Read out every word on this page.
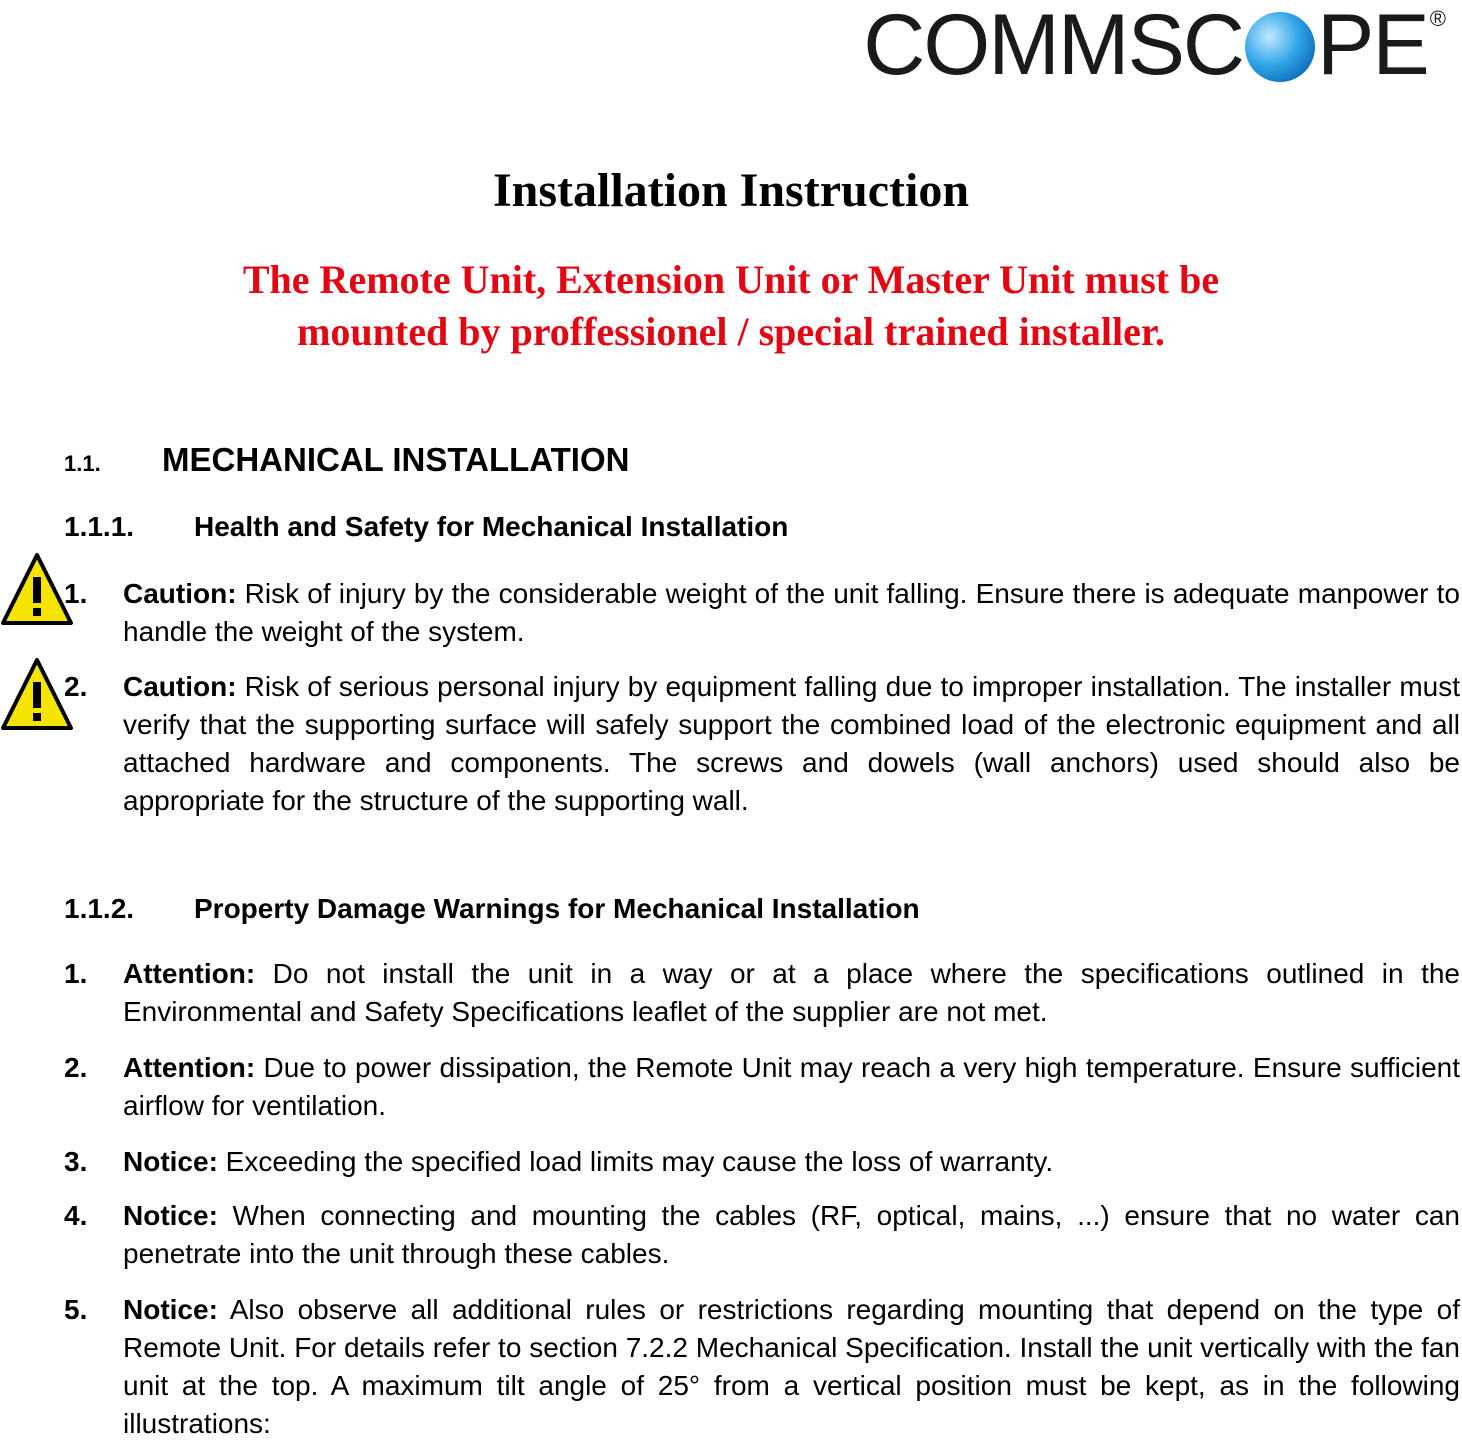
COMMSC PE ®
Installation Instruction
The Remote Unit, Extension Unit or Master Unit must be
mounted by proffessionel / special trained installer.
1.1. MECHANICAL INSTALLATION
1.1.1. Health and Safety for Mechanical Installation
1. Caution: Risk of injury by the considerable weight of the unit falling. Ensure there is adequate manpower to handle the weight of the system.
2. Caution: Risk of serious personal injury by equipment falling due to improper installation. The installer must verify that the supporting surface will safely support the combined load of the electronic equipment and all attached hardware and components. The screws and dowels (wall anchors) used should also be appropriate for the structure of the supporting wall.
1.1.2. Property Damage Warnings for Mechanical Installation
1. Attention: Do not install the unit in a way or at a place where the specifications outlined in the Environmental and Safety Specifications leaflet of the supplier are not met.
2. Attention: Due to power dissipation, the Remote Unit may reach a very high temperature. Ensure sufficient airflow for ventilation.
3. Notice: Exceeding the specified load limits may cause the loss of warranty.
4. Notice: When connecting and mounting the cables (RF, optical, mains, ...) ensure that no water can penetrate into the unit through these cables.
5. Notice: Also observe all additional rules or restrictions regarding mounting that depend on the type of Remote Unit. For details refer to section 7.2.2 Mechanical Specification. Install the unit vertically with the fan unit at the top. A maximum tilt angle of 25° from a vertical position must be kept, as in the following illustrations:
